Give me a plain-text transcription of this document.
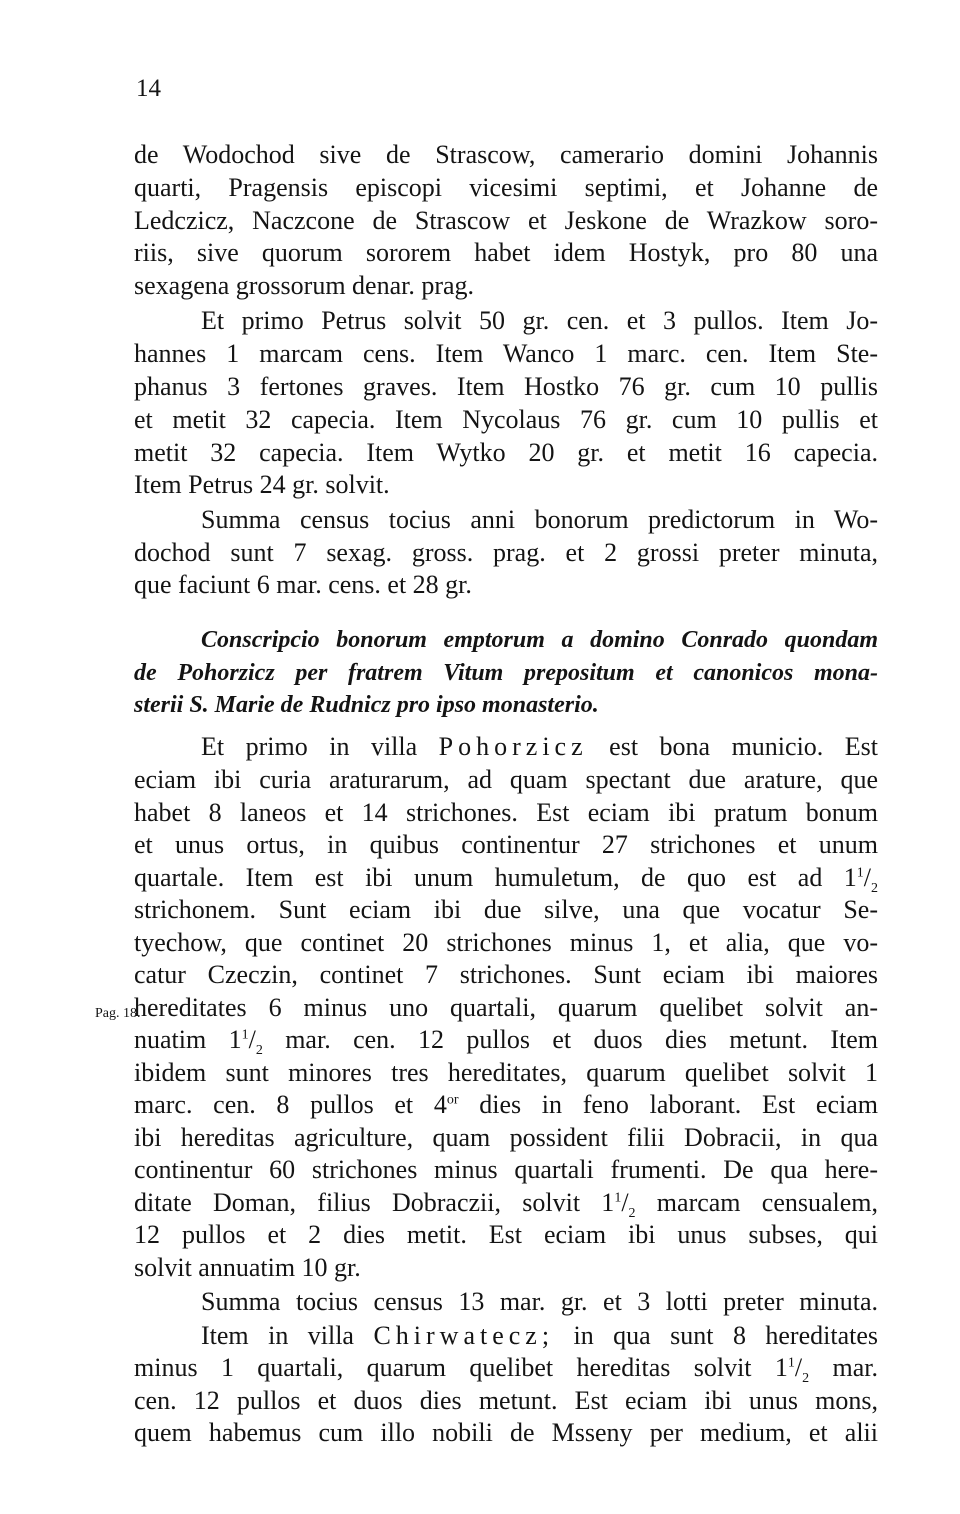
14
Pag. 18.
de Wodochod sive de Strascow, camerario domini Johannis
quarti, Pragensis episcopi vicesimi septimi, et Johanne de
Ledczicz, Naczcone de Strascow et Jeskone de Wrazkow soro-
riis, sive quorum sororem habet idem Hostyk, pro 80 una
sexagena grossorum denar. prag.
Et primo Petrus solvit 50 gr. cen. et 3 pullos. Item Jo-
hannes 1 marcam cens. Item Wanco 1 marc. cen. Item Ste-
phanus 3 fertones graves. Item Hostko 76 gr. cum 10 pullis
et metit 32 capecia. Item Nycolaus 76 gr. cum 10 pullis et
metit 32 capecia. Item Wytko 20 gr. et metit 16 capecia.
Item Petrus 24 gr. solvit.
Summa census tocius anni bonorum predictorum in Wo-
dochod sunt 7 sexag. gross. prag. et 2 grossi preter minuta,
que faciunt 6 mar. cens. et 28 gr.
Conscripcio bonorum emptorum a domino Conrado quondam
de Pohorzicz per fratrem Vitum prepositum et canonicos mona-
sterii S. Marie de Rudnicz pro ipso monasterio.
Et primo in villa Pohorzicz est bona municio. Est
eciam ibi curia araturarum, ad quam spectant due arature, que
habet 8 laneos et 14 strichones. Est eciam ibi pratum bonum
et unus ortus, in quibus continentur 27 strichones et unum
quartale. Item est ibi unum humuletum, de quo est ad $1^1/_2$
strichonem. Sunt eciam ibi due silve, una que vocatur Se-
tyechow, que continet 20 strichones minus 1, et alia, que vo-
catur Czeczin, continet 7 strichones. Sunt eciam ibi maiores
hereditates 6 minus uno quartali, quarum quelibet solvit an-
nuatim $1^1/_2$ mar. cen. 12 pullos et duos dies metunt. Item
ibidem sunt minores tres hereditates, quarum quelibet solvit 1
marc. cen. 8 pullos et $4^{or}$ dies in feno laborant. Est eciam
ibi hereditas agriculture, quam possident filii Dobracii, in qua
continentur 60 strichones minus quartali frumenti. De qua here-
ditate Doman, filius Dobraczii, solvit $1^1/_2$ marcam censualem,
12 pullos et 2 dies metit. Est eciam ibi unus subses, qui
solvit annuatim 10 gr.
Summa tocius census 13 mar. gr. et 3 lotti preter minuta.
Item in villa Chirwatecz; in qua sunt 8 hereditates
minus 1 quartali, quarum quelibet hereditas solvit $1^1/_2$ mar.
cen. 12 pullos et duos dies metunt. Est eciam ibi unus mons,
quem habemus cum illo nobili de Msseny per medium, et alii
